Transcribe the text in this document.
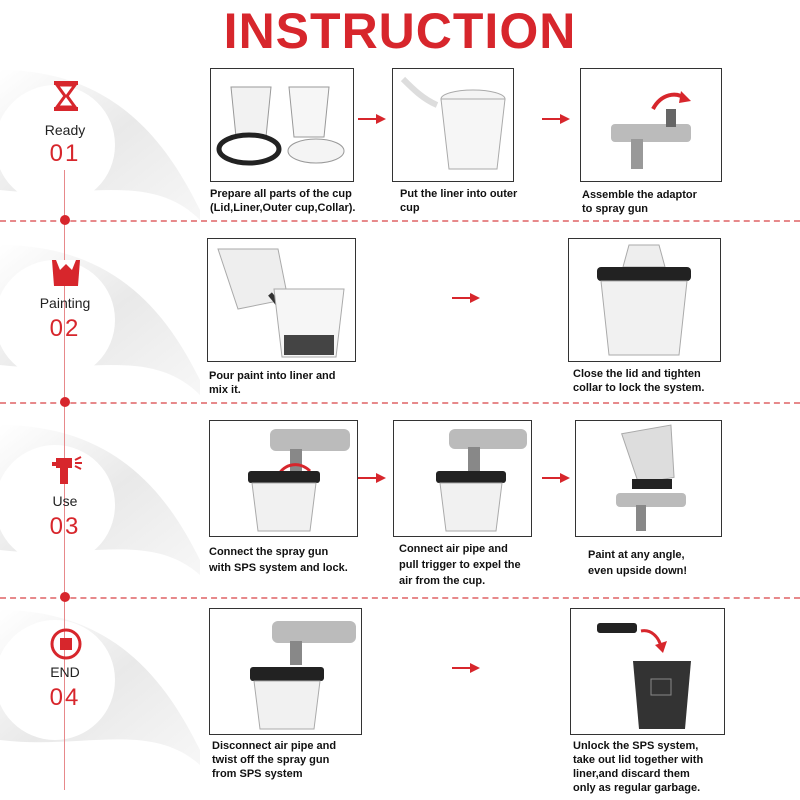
INSTRUCTION
Ready
01
Painting
02
Use
03
END
04
Prepare all parts of the cup
(Lid,Liner,Outer cup,Collar).
Put the liner into outer
cup
Assemble the adaptor
to spray gun
Pour paint into liner and
mix it.
Close the lid and tighten
collar to lock the system.
Connect the spray gun
with SPS system and lock.
Connect air pipe and
pull trigger to expel the
air from the cup.
Paint at any angle,
even upside down!
Disconnect air pipe and
twist off the spray gun
from SPS system
Unlock the SPS system,
take out lid together with
liner,and discard them
only as regular garbage.
